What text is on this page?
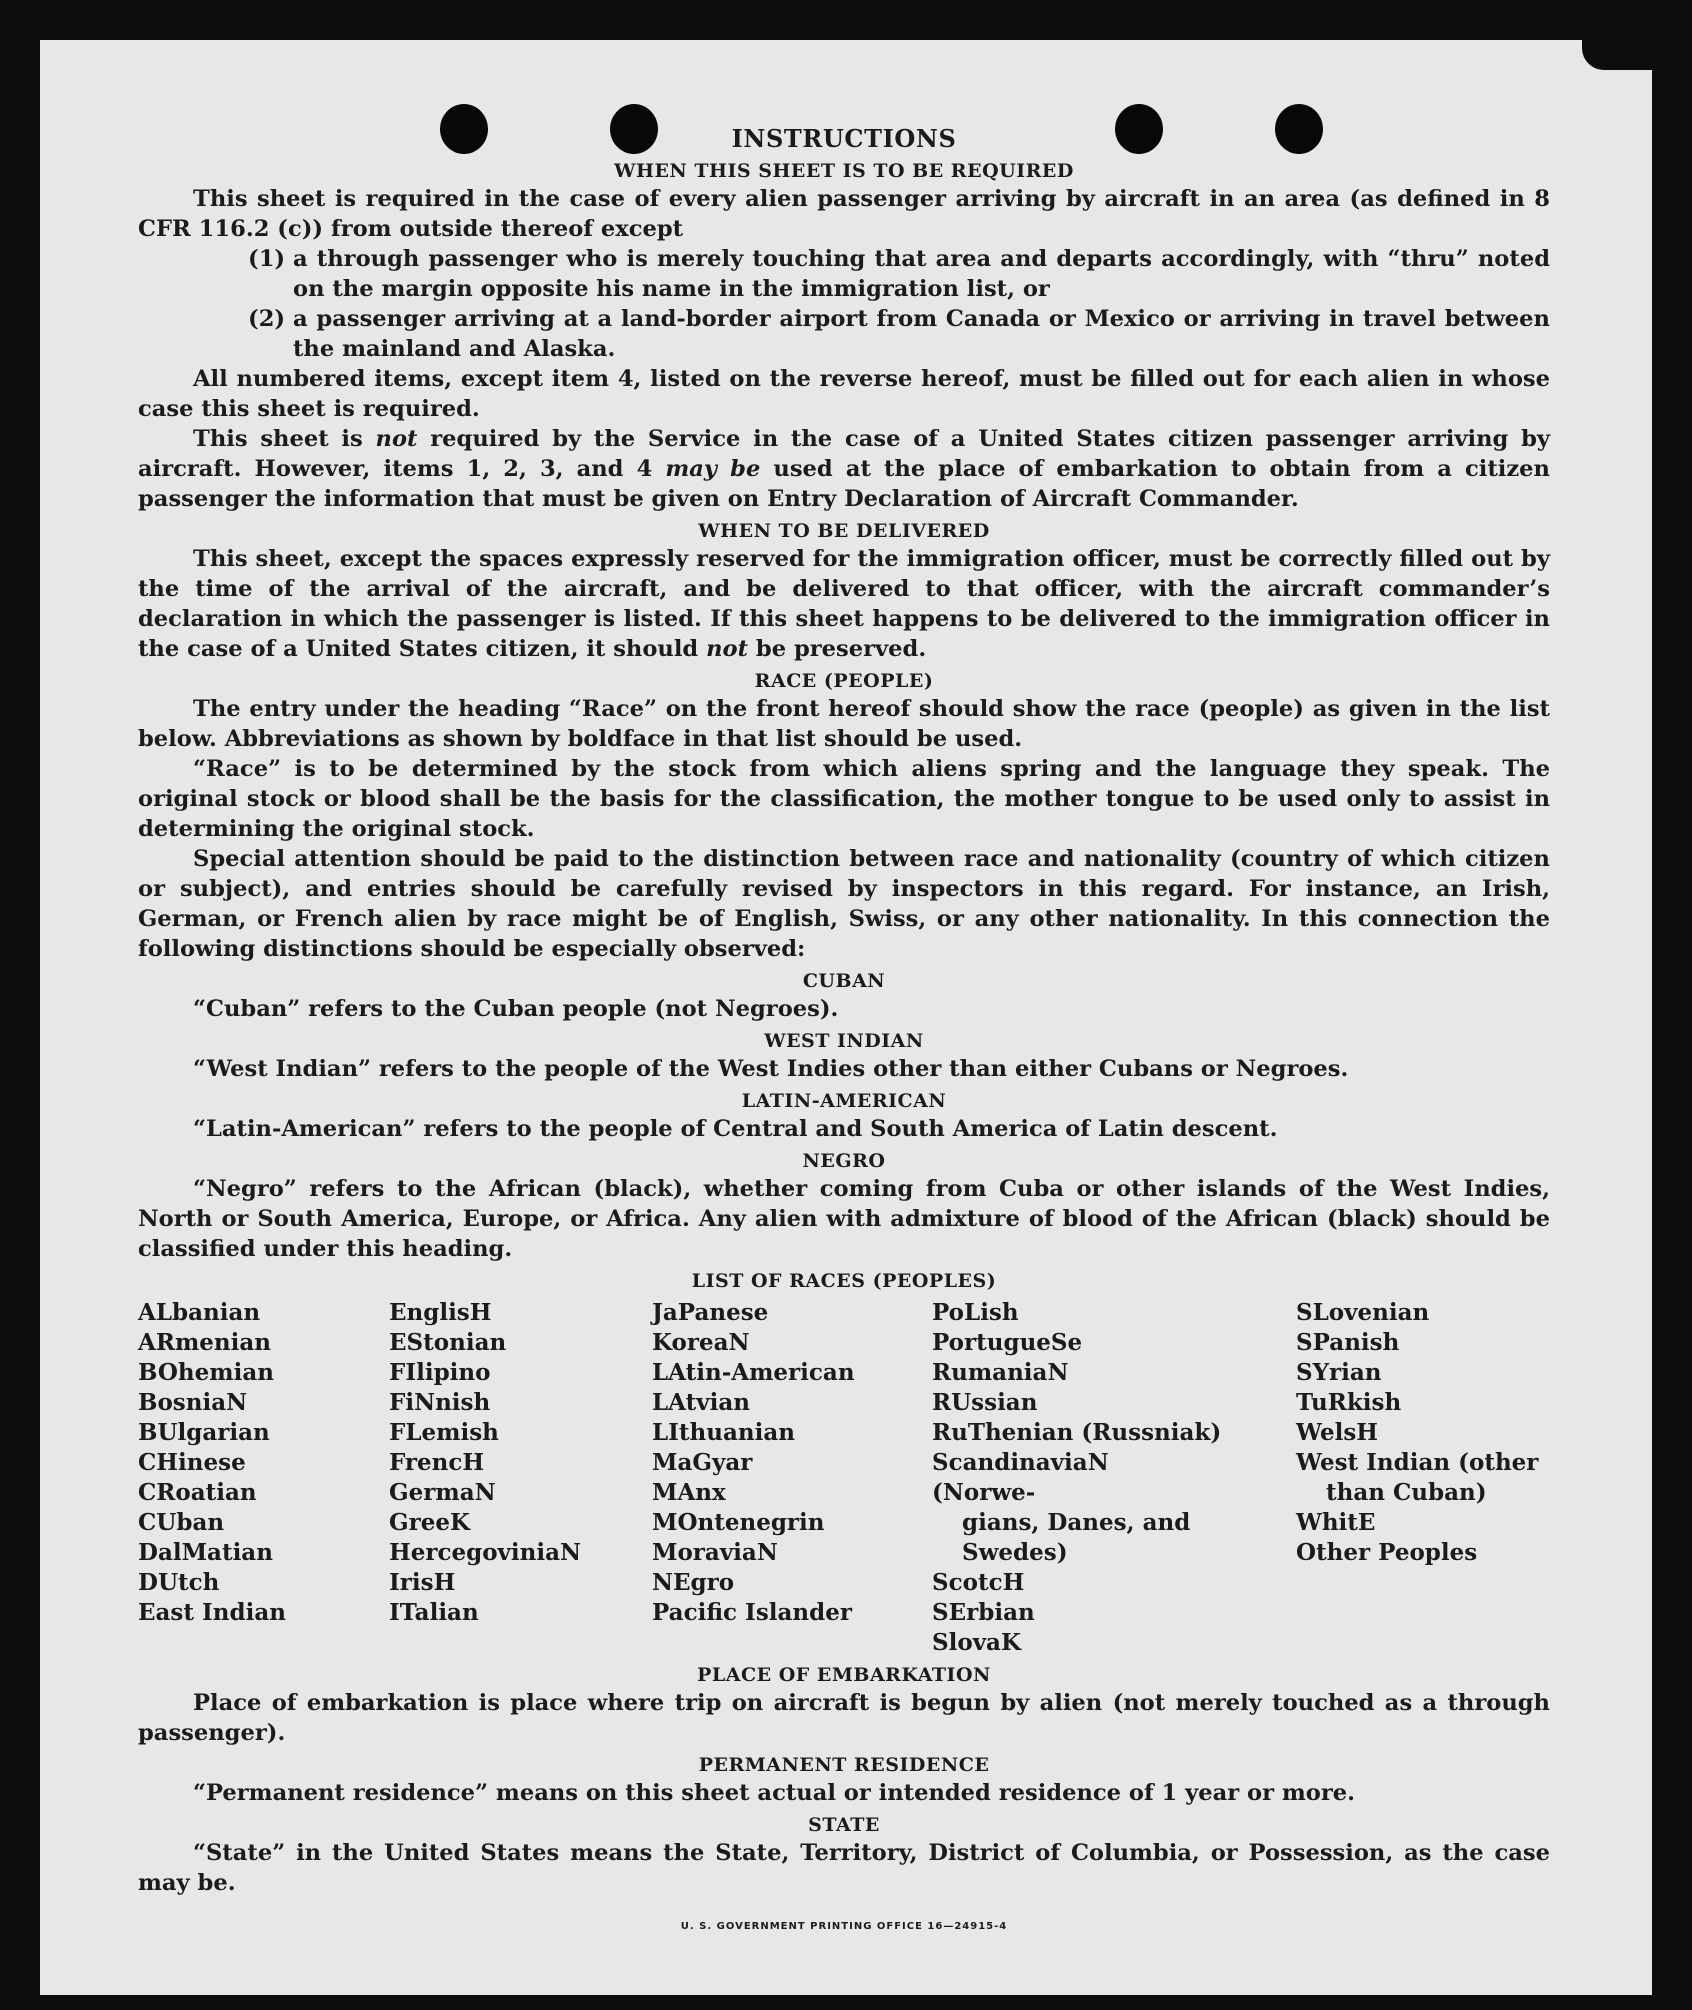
INSTRUCTIONS
WHEN THIS SHEET IS TO BE REQUIRED

This sheet is required in the case of every alien passenger arriving by aircraft in an area (as defined in 8 CFR 116.2 (c)) from outside thereof except

(1) a through passenger who is merely touching that area and departs accordingly, with “thru” noted on the margin opposite his name in the immigration list, or
(2) a passenger arriving at a land-border airport from Canada or Mexico or arriving in travel between the mainland and Alaska.

All numbered items, except item 4, listed on the reverse hereof, must be filled out for each alien in whose case this sheet is required.

This sheet is not required by the Service in the case of a United States citizen passenger arriving by aircraft. However, items 1, 2, 3, and 4 may be used at the place of embarkation to obtain from a citizen passenger the information that must be given on Entry Declaration of Aircraft Commander.

WHEN TO BE DELIVERED

This sheet, except the spaces expressly reserved for the immigration officer, must be correctly filled out by the time of the arrival of the aircraft, and be delivered to that officer, with the aircraft commander’s declaration in which the passenger is listed. If this sheet happens to be delivered to the immigration officer in the case of a United States citizen, it should not be preserved.

RACE (PEOPLE)

The entry under the heading “Race” on the front hereof should show the race (people) as given in the list below. Abbreviations as shown by boldface in that list should be used.

“Race” is to be determined by the stock from which aliens spring and the language they speak. The original stock or blood shall be the basis for the classification, the mother tongue to be used only to assist in determining the original stock.

Special attention should be paid to the distinction between race and nationality (country of which citizen or subject), and entries should be carefully revised by inspectors in this regard. For instance, an Irish, German, or French alien by race might be of English, Swiss, or any other nationality. In this connection the following distinctions should be especially observed:

CUBAN

“Cuban” refers to the Cuban people (not Negroes).

WEST INDIAN

“West Indian” refers to the people of the West Indies other than either Cubans or Negroes.

LATIN-AMERICAN

“Latin-American” refers to the people of Central and South America of Latin descent.

NEGRO

“Negro” refers to the African (black), whether coming from Cuba or other islands of the West Indies, North or South America, Europe, or Africa. Any alien with admixture of blood of the African (black) should be classified under this heading.

LIST OF RACES (PEOPLES)
ALbanian
ARmenian
BOhemian
BosniaN
BUlgarian
CHinese
CRoatian
CUban
DalMatian
DUtch
East Indian
EnglisH
EStonian
FIlipino
FiNnish
FLemish
FrencH
GermaN
GreeK
HercegoviniaN
IrisH
ITalian
JaPanese
KoreaN
LAtin-American
LAtvian
LIthuanian
MaGyar
MAnx
MOntenegrin
MoraviaN
NEgro
Pacific Islander
PoLish
PortugueSe
RumaniaN
RUssian
RuThenian (Russniak)
ScandinaviaN (Norwe-
gians, Danes, and
Swedes)

ScotcH
SErbian
SlovaK
SLovenian
SPanish
SYrian
TuRkish
WelsH
West Indian (other
than Cuban)

WhitE
Other Peoples
PLACE OF EMBARKATION

Place of embarkation is place where trip on aircraft is begun by alien (not merely touched as a through passenger).

PERMANENT RESIDENCE

“Permanent residence” means on this sheet actual or intended residence of 1 year or more.

STATE

“State” in the United States means the State, Territory, District of Columbia, or Possession, as the case may be.

U. S. GOVERNMENT PRINTING OFFICE 16—24915-4
